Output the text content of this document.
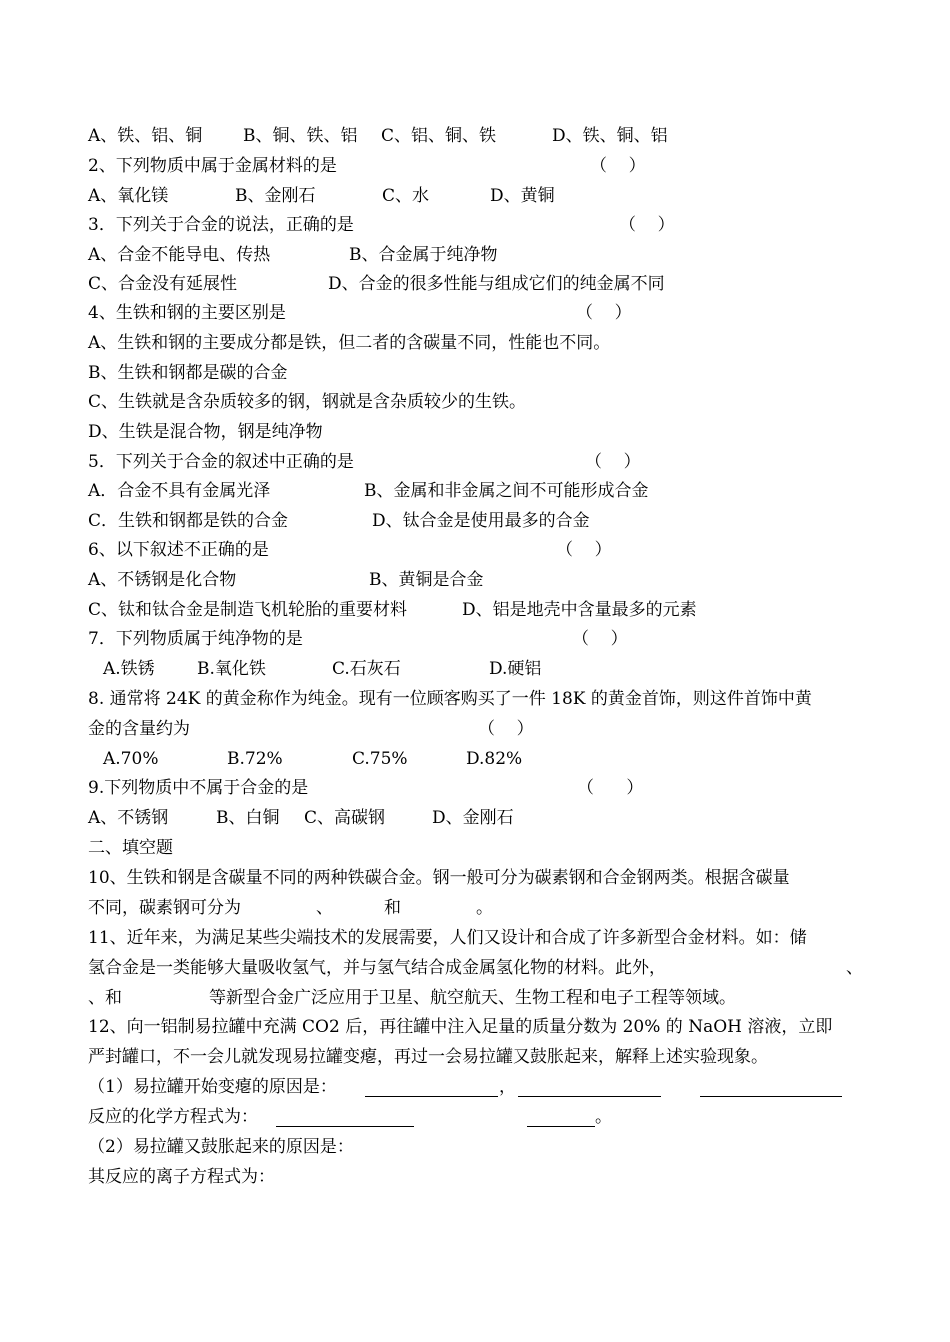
A、铁、铝、铜 B、铜、铁、铝 C、铝、铜、铁	D、铁、铜、铝
2、下列物质中属于金属材料的是	（    ）
A、氧化镁	B、金刚石	C、水	D、黄铜
3．下列关于合金的说法，正确的是	（    ）
A、合金不能导电、传热	B、合金属于纯净物
C、合金没有延展性	D、合金的很多性能与组成它们的纯金属不同
4、生铁和钢的主要区别是	（    ）
A、生铁和钢的主要成分都是铁，但二者的含碳量不同，性能也不同。
B、生铁和钢都是碳的合金
C、生铁就是含杂质较多的钢，钢就是含杂质较少的生铁。
D、生铁是混合物，钢是纯净物
5．下列关于合金的叙述中正确的是	（    ）
A．合金不具有金属光泽	B、金属和非金属之间不可能形成合金
C．生铁和钢都是铁的合金	D、钛合金是使用最多的合金
6、以下叙述不正确的是	（    ）
A、不锈钢是化合物	B、黄铜是合金
C、钛和钛合金是制造飞机轮胎的重要材料	D、铝是地壳中含量最多的元素
7．下列物质属于纯净物的是	（    ）
A.铁锈 B.氧化铁	C.石灰石	D.硬铝
8. 通常将 24K 的黄金称作为纯金。现有一位顾客购买了一件 18K 的黄金首饰，则这件首饰中黄
金的含量约为	（    ）
A.70%	B.72%	C.75%	D.82%
9.下列物质中不属于合金的是	（      ）
A、不锈钢	B、白铜 C、高碳钢	D、金刚石
二、填空题
10、生铁和钢是含碳量不同的两种铁碳合金。钢一般可分为碳素钢和合金钢两类。根据含碳量
不同，碳素钢可分为	、	和	。
11、近年来，为满足某些尖端技术的发展需要，人们又设计和合成了许多新型合金材料。如：储
氢合金是一类能够大量吸收氢气，并与氢气结合成金属氢化物的材料。此外，	、
、和	等新型合金广泛应用于卫星、航空航天、生物工程和电子工程等领域。
12、向一铝制易拉罐中充满 CO2 后，再往罐中注入足量的质量分数为 20% 的 NaOH 溶液，立即
严封罐口，不一会儿就发现易拉罐变瘪，再过一会易拉罐又鼓胀起来，解释上述实验现象。
（1）易拉罐开始变瘪的原因是：	，
反应的化学方程式为：	。
（2）易拉罐又鼓胀起来的原因是：
其反应的离子方程式为：
